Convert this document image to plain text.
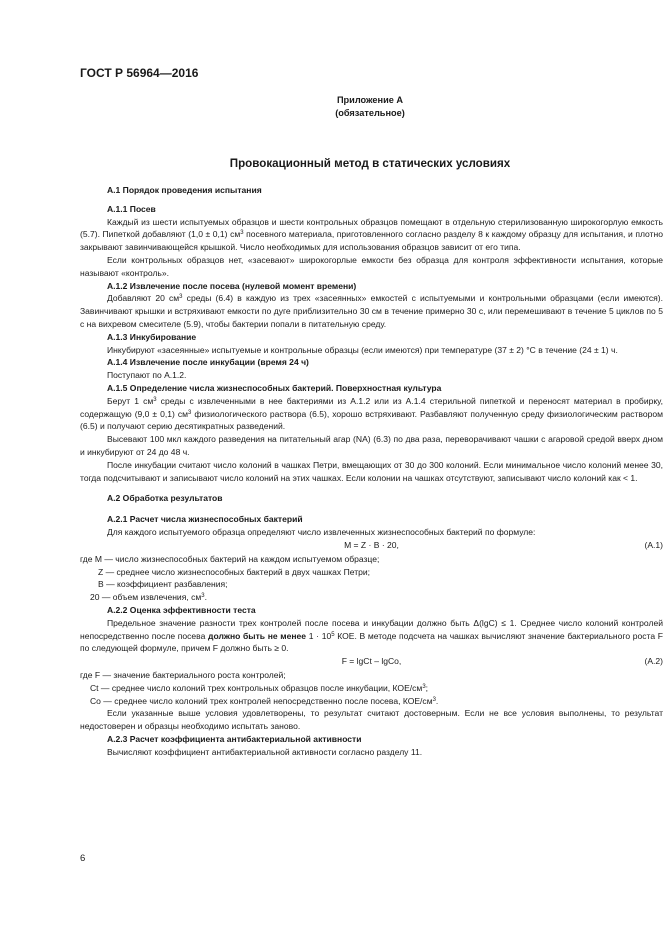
ГОСТ Р 56964—2016
Приложение А
(обязательное)
Провокационный метод в статических условиях

А.1 Порядок проведения испытания

А.1.1 Посев

Каждый из шести испытуемых образцов и шести контрольных образцов помещают в отдельную стерилизованную широкогорлую емкость (5.7). Пипеткой добавляют (1,0 ± 0,1) $см^3$ посевного материала, приготовленного согласно разделу 8 к каждому образцу для испытания, и плотно закрывают завинчивающейся крышкой. Число необходимых для использования образцов зависит от его типа.

Если контрольных образцов нет, «засевают» широкогорлые емкости без образца для контроля эффективности испытания, которые называют «контроль».

А.1.2 Извлечение после посева (нулевой момент времени)

Добавляют 20 $см^3$ среды (6.4) в каждую из трех «засеянных» емкостей с испытуемыми и контрольными образцами (если имеются). Завинчивают крышки и встряхивают емкости по дуге приблизительно 30 см в течение примерно 30 с, или перемешивают в течение 5 циклов по 5 с на вихревом смесителе (5.9), чтобы бактерии попали в питательную среду.

А.1.3 Инкубирование

Инкубируют «засеянные» испытуемые и контрольные образцы (если имеются) при температуре (37 ± 2) °С в течение (24 ± 1) ч.

А.1.4 Извлечение после инкубации (время 24 ч)

Поступают по А.1.2.

А.1.5 Определение числа жизнеспособных бактерий. Поверхностная культура

Берут 1 $см^3$ среды с извлеченными в нее бактериями из А.1.2 или из А.1.4 стерильной пипеткой и переносят материал в пробирку, содержащую (9,0 ± 0,1) $см^3$ физиологического раствора (6.5), хорошо встряхивают. Разбавляют полученную среду физиологическим раствором (6.5) и получают серию десятикратных разведений.

Высевают 100 мкл каждого разведения на питательный агар (NA) (6.3) по два раза, переворачивают чашки с агаровой средой вверх дном и инкубируют от 24 до 48 ч.

После инкубации считают число колоний в чашках Петри, вмещающих от 30 до 300 колоний. Если минимальное число колоний менее 30, тогда подсчитывают и записывают число колоний на этих чашках. Если колонии на чашках отсутствуют, записывают число колоний как < 1.

А.2 Обработка результатов

А.2.1 Расчет числа жизнеспособных бактерий

Для каждого испытуемого образца определяют число извлеченных жизнеспособных бактерий по формуле:

M = Z · B · 20,	(А.1)

где M — число жизнеспособных бактерий на каждом испытуемом образце;

Z — среднее число жизнеспособных бактерий в двух чашках Петри;

B — коэффициент разбавления;

20 — объем извлечения, $см^3$.

А.2.2 Оценка эффективности теста

Предельное значение разности трех контролей после посева и инкубации должно быть Δ(lgC) ≤ 1. Среднее число колоний контролей непосредственно после посева должно быть не менее $1 \cdot 10^5$ КОЕ. В методе подсчета на чашках вычисляют значение бактериального роста F по следующей формуле, причем F должно быть ≥ 0.

F = lgCt – lgCo,	(А.2)

где F — значение бактериального роста контролей;

Ct — среднее число колоний трех контрольных образцов после инкубации, КОЕ/$см^3$;

Co — среднее число колоний трех контролей непосредственно после посева, КОЕ/$см^3$.

Если указанные выше условия удовлетворены, то результат считают достоверным. Если не все условия выполнены, то результат недостоверен и образцы необходимо испытать заново.

А.2.3 Расчет коэффициента антибактериальной активности

Вычисляют коэффициент антибактериальной активности согласно разделу 11.

6
